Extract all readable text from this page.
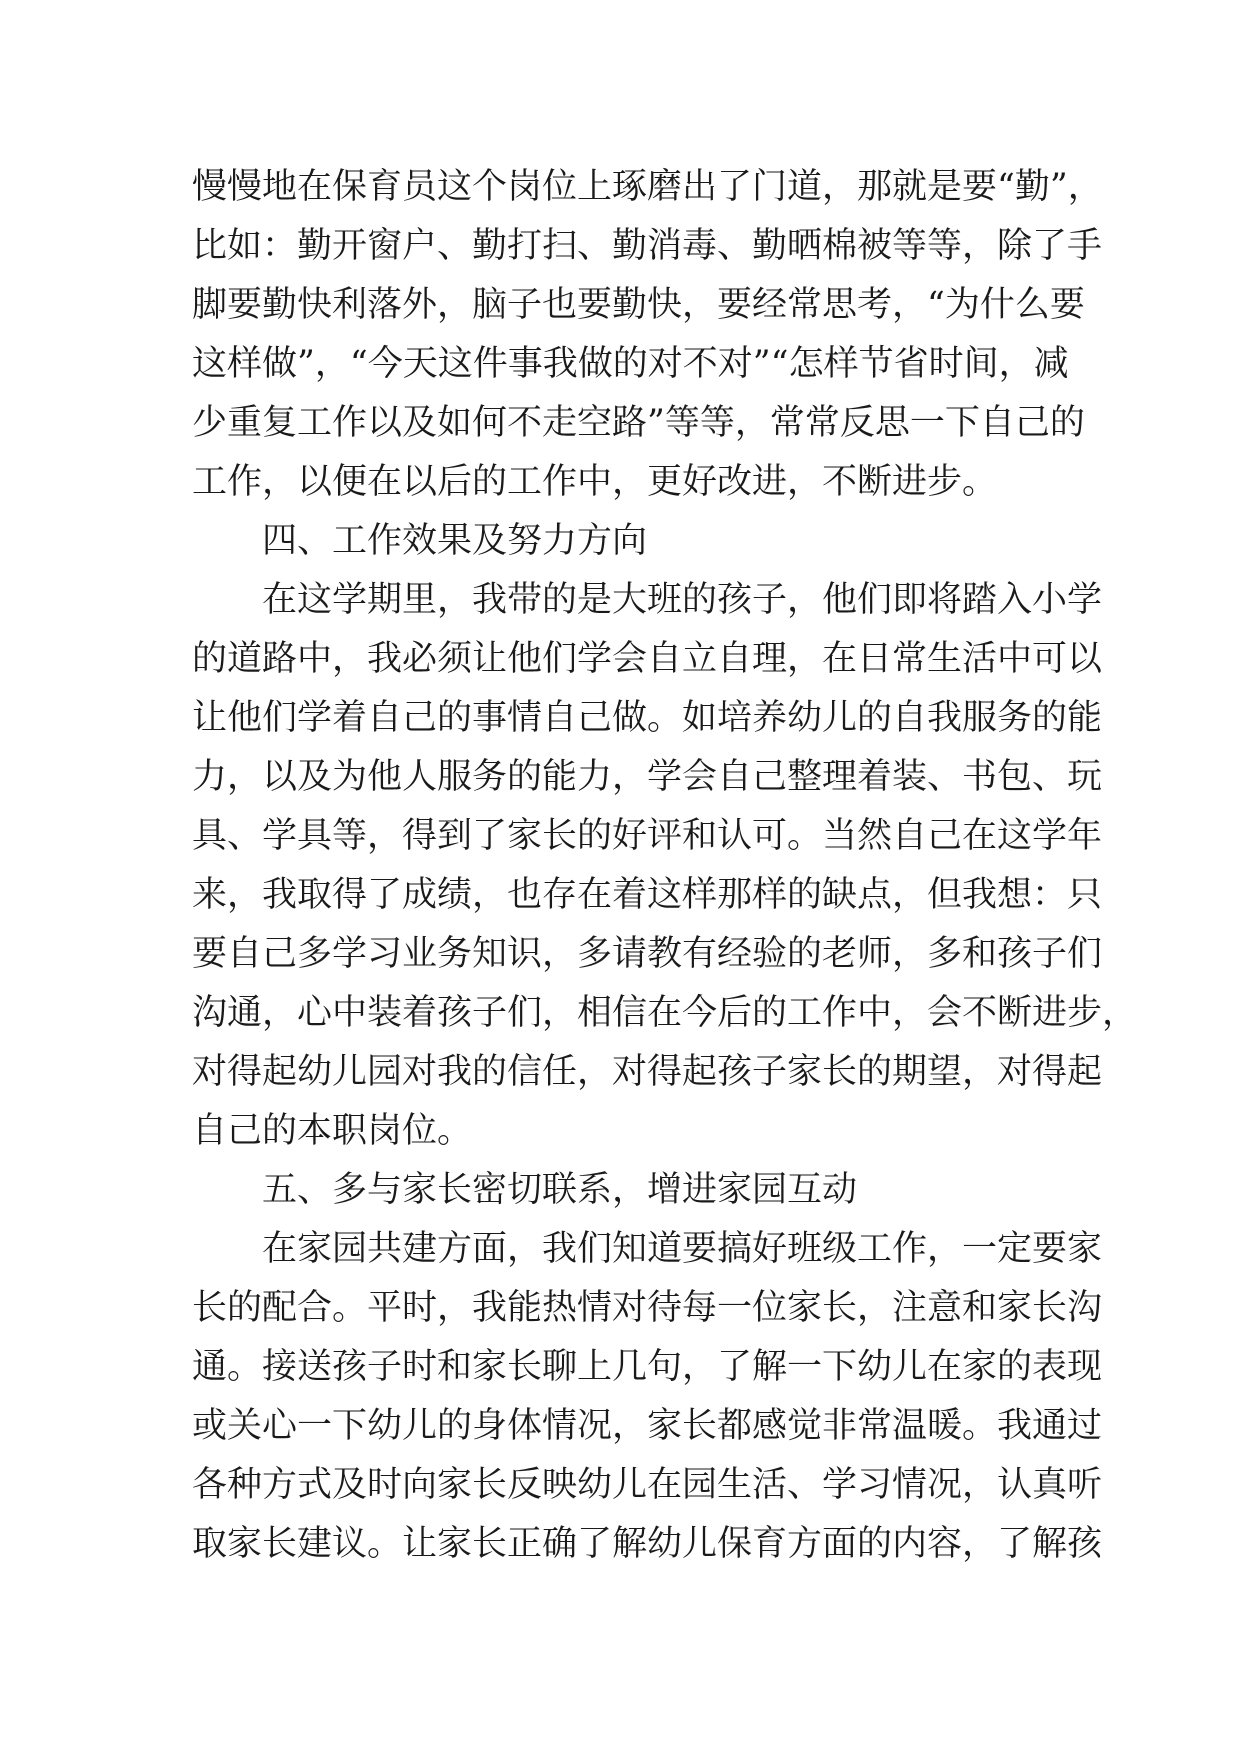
慢慢地在保育员这个岗位上琢磨出了门道，那就是要“勤”，
比如：勤开窗户、勤打扫、勤消毒、勤晒棉被等等，除了手
脚要勤快利落外，脑子也要勤快，要经常思考，“为什么要
这样做”，“今天这件事我做的对不对”“怎样节省时间，减
少重复工作以及如何不走空路”等等，常常反思一下自己的
工作，以便在以后的工作中，更好改进，不断进步。
四、工作效果及努力方向
在这学期里，我带的是大班的孩子，他们即将踏入小学
的道路中，我必须让他们学会自立自理，在日常生活中可以
让他们学着自己的事情自己做。如培养幼儿的自我服务的能
力，以及为他人服务的能力，学会自己整理着装、书包、玩
具、学具等，得到了家长的好评和认可。当然自己在这学年
来，我取得了成绩，也存在着这样那样的缺点，但我想：只
要自己多学习业务知识，多请教有经验的老师，多和孩子们
沟通，心中装着孩子们，相信在今后的工作中，会不断进步，
对得起幼儿园对我的信任，对得起孩子家长的期望，对得起
自己的本职岗位。
五、多与家长密切联系，增进家园互动
在家园共建方面，我们知道要搞好班级工作，一定要家
长的配合。平时，我能热情对待每一位家长，注意和家长沟
通。接送孩子时和家长聊上几句，了解一下幼儿在家的表现
或关心一下幼儿的身体情况，家长都感觉非常温暖。我通过
各种方式及时向家长反映幼儿在园生活、学习情况，认真听
取家长建议。让家长正确了解幼儿保育方面的内容，了解孩
